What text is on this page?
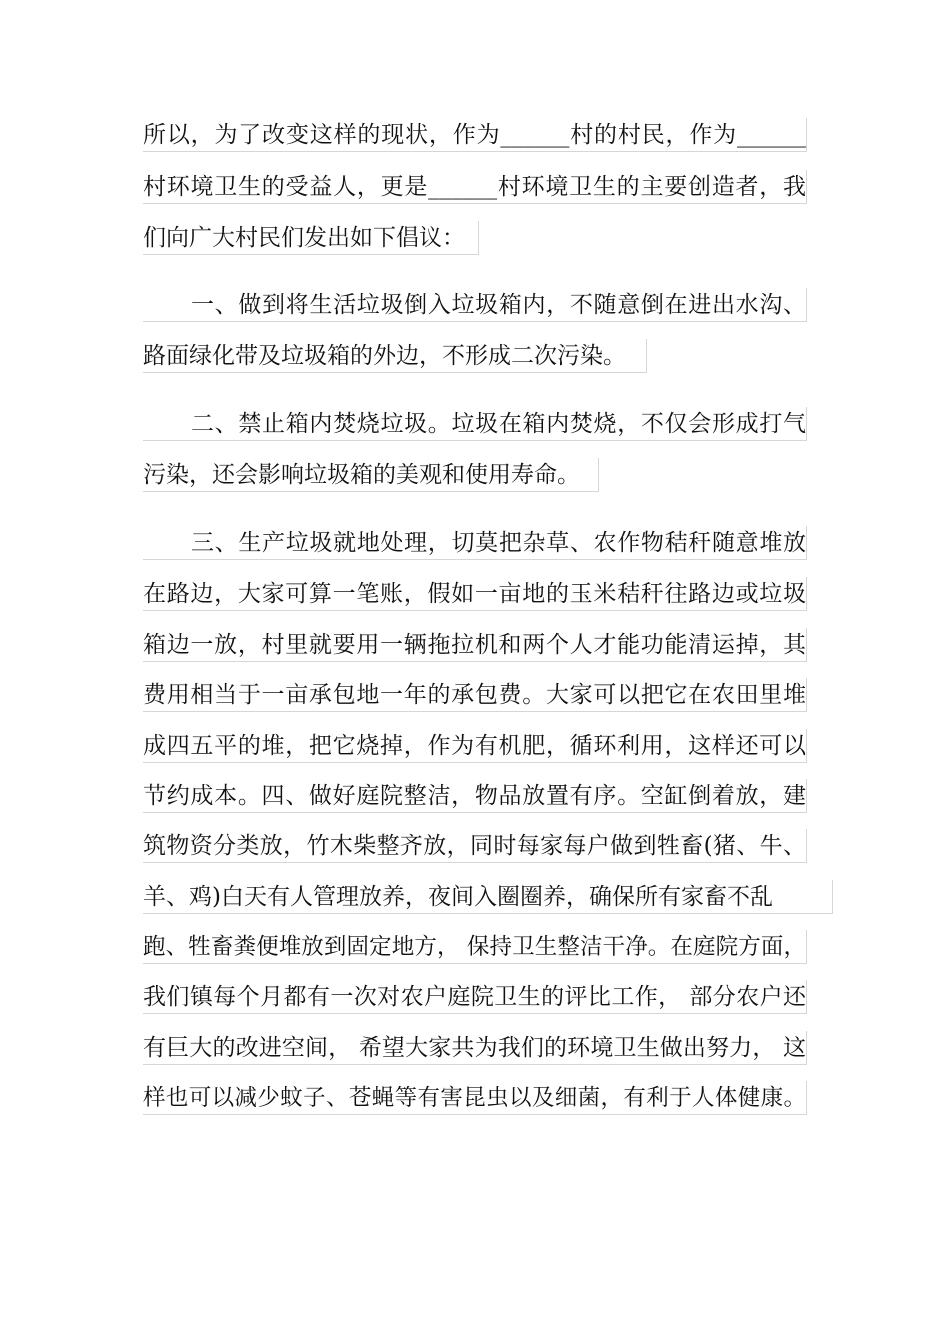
所以，为了改变这样的现状，作为______村的村民，作为______
村环境卫生的受益人，更是______村环境卫生的主要创造者，我
们向广大村民们发出如下倡议：
一、做到将生活垃圾倒入垃圾箱内，不随意倒在进出水沟、
路面绿化带及垃圾箱的外边，不形成二次污染。
二、禁止箱内焚烧垃圾。垃圾在箱内焚烧，不仅会形成打气
污染，还会影响垃圾箱的美观和使用寿命。
三、生产垃圾就地处理，切莫把杂草、农作物秸秆随意堆放
在路边，大家可算一笔账，假如一亩地的玉米秸秆往路边或垃圾
箱边一放，村里就要用一辆拖拉机和两个人才能功能清运掉，其
费用相当于一亩承包地一年的承包费。大家可以把它在农田里堆
成四五平的堆，把它烧掉，作为有机肥，循环利用，这样还可以
节约成本。四、做好庭院整洁，物品放置有序。空缸倒着放，建
筑物资分类放，竹木柴整齐放，同时每家每户做到牲畜(猪、牛、
羊、鸡)白天有人管理放养，夜间入圈圈养，确保所有家畜不乱
跑、牲畜粪便堆放到固定地方， 保持卫生整洁干净。在庭院方面，
我们镇每个月都有一次对农户庭院卫生的评比工作， 部分农户还
有巨大的改进空间， 希望大家共为我们的环境卫生做出努力， 这
样也可以减少蚊子、苍蝇等有害昆虫以及细菌，有利于人体健康。
